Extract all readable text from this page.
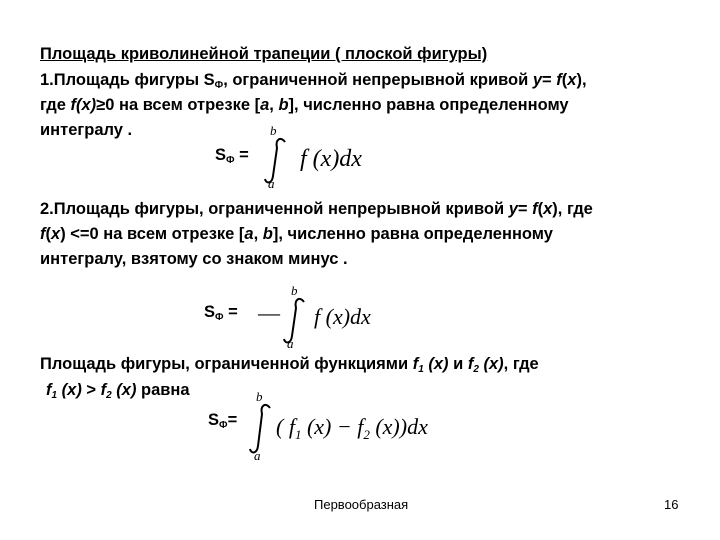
Площадь криволинейной трапеции ( плоской фигуры)
1.Площадь фигуры $S_Ф$, ограниченной непрерывной кривой y= f(x),
где f(x)≥0 на всем отрезке [a, b], численно равна определенному
интегралу .
$S_Ф$ =
b
a
f (x)dx
2.Площадь фигуры, ограниченной непрерывной кривой y= f(x), где
f(x) <=0 на всем отрезке [a, b], численно равна определенному
интегралу, взятому со знаком минус .
$S_Ф$ = —
b
a
f (x)dx
Площадь фигуры, ограниченной функциями $f_1$ (x) и $f_2$ (x), где
$f_1$ $(x) > f_2$ (x) равна
$S_Ф=$
b
a
( $f_1$ $(x) - f_2$ (x))dx
Первообразная	16
